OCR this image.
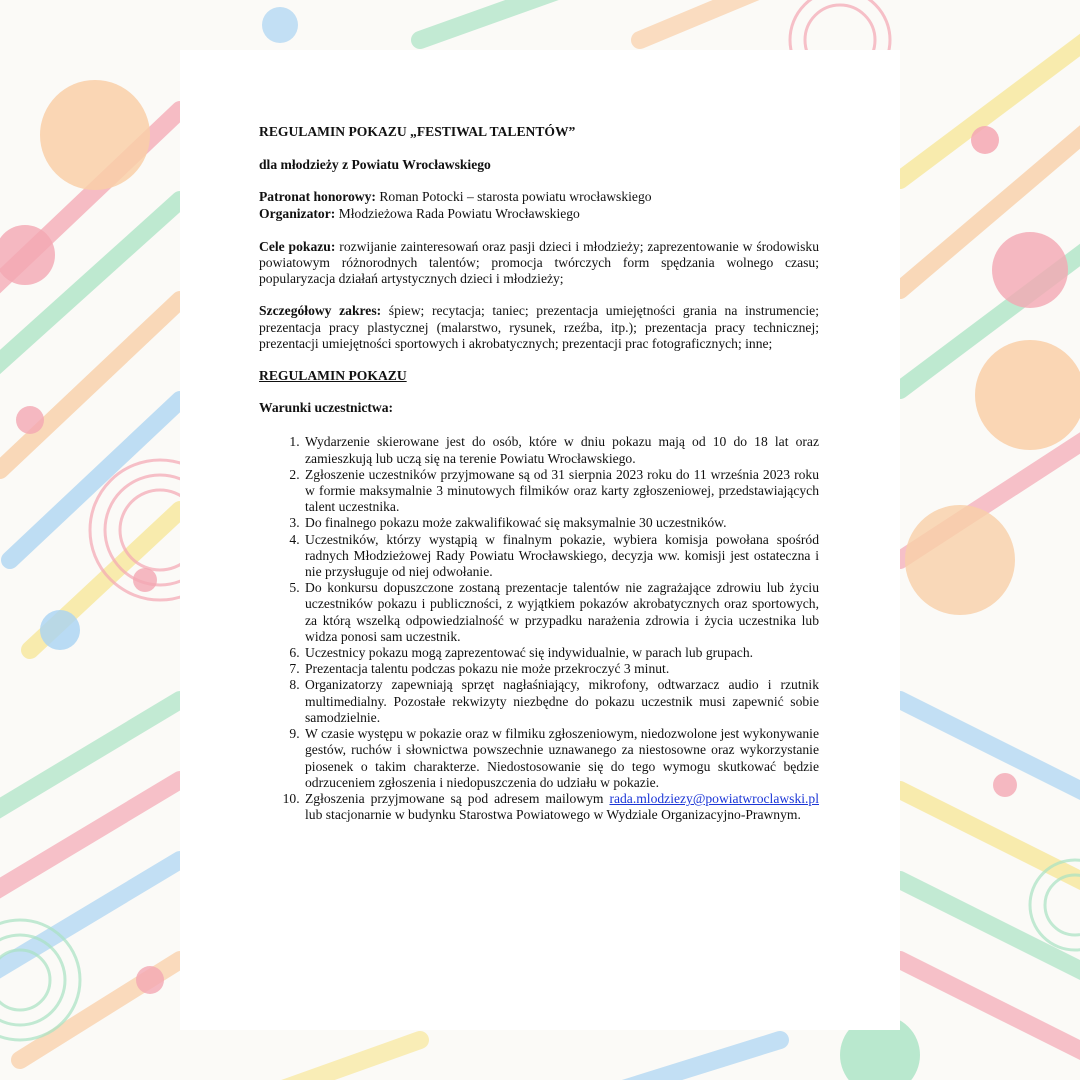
REGULAMIN POKAZU „FESTIWAL TALENTÓW”
dla młodzieży z Powiatu Wrocławskiego
Patronat honorowy: Roman Potocki – starosta powiatu wrocławskiego
Organizator: Młodzieżowa Rada Powiatu Wrocławskiego

Cele pokazu: rozwijanie zainteresowań oraz pasji dzieci i młodzieży; zaprezentowanie w środowisku powiatowym różnorodnych talentów; promocja twórczych form spędzania wolnego czasu; popularyzacja działań artystycznych dzieci i młodzieży;

Szczegółowy zakres: śpiew; recytacja; taniec; prezentacja umiejętności grania na instrumencie; prezentacja pracy plastycznej (malarstwo, rysunek, rzeźba, itp.); prezentacja pracy technicznej; prezentacji umiejętności sportowych i akrobatycznych; prezentacji prac fotograficznych; inne;

REGULAMIN POKAZU
Warunki uczestnictwa:
1. Wydarzenie skierowane jest do osób, które w dniu pokazu mają od 10 do 18 lat oraz zamieszkują lub uczą się na terenie Powiatu Wrocławskiego.
2. Zgłoszenie uczestników przyjmowane są od 31 sierpnia 2023 roku do 11 września 2023 roku w formie maksymalnie 3 minutowych filmików oraz karty zgłoszeniowej, przedstawiających talent uczestnika.
3. Do finalnego pokazu może zakwalifikować się maksymalnie 30 uczestników.
4. Uczestników, którzy wystąpią w finalnym pokazie, wybiera komisja powołana spośród radnych Młodzieżowej Rady Powiatu Wrocławskiego, decyzja ww. komisji jest ostateczna i nie przysługuje od niej odwołanie.
5. Do konkursu dopuszczone zostaną prezentacje talentów nie zagrażające zdrowiu lub życiu uczestników pokazu i publiczności, z wyjątkiem pokazów akrobatycznych oraz sportowych, za którą wszelką odpowiedzialność w przypadku narażenia zdrowia i życia uczestnika lub widza ponosi sam uczestnik.
6. Uczestnicy pokazu mogą zaprezentować się indywidualnie, w parach lub grupach.
7. Prezentacja talentu podczas pokazu nie może przekroczyć 3 minut.
8. Organizatorzy zapewniają sprzęt nagłaśniający, mikrofony, odtwarzacz audio i rzutnik multimedialny. Pozostałe rekwizyty niezbędne do pokazu uczestnik musi zapewnić sobie samodzielnie.
9. W czasie występu w pokazie oraz w filmiku zgłoszeniowym, niedozwolone jest wykonywanie gestów, ruchów i słownictwa powszechnie uznawanego za niestosowne oraz wykorzystanie piosenek o takim charakterze. Niedostosowanie się do tego wymogu skutkować będzie odrzuceniem zgłoszenia i niedopuszczenia do udziału w pokazie.
10. Zgłoszenia przyjmowane są pod adresem mailowym rada.mlodziezy@powiatwroclawski.pl lub stacjonarnie w budynku Starostwa Powiatowego w Wydziale Organizacyjno-Prawnym.
